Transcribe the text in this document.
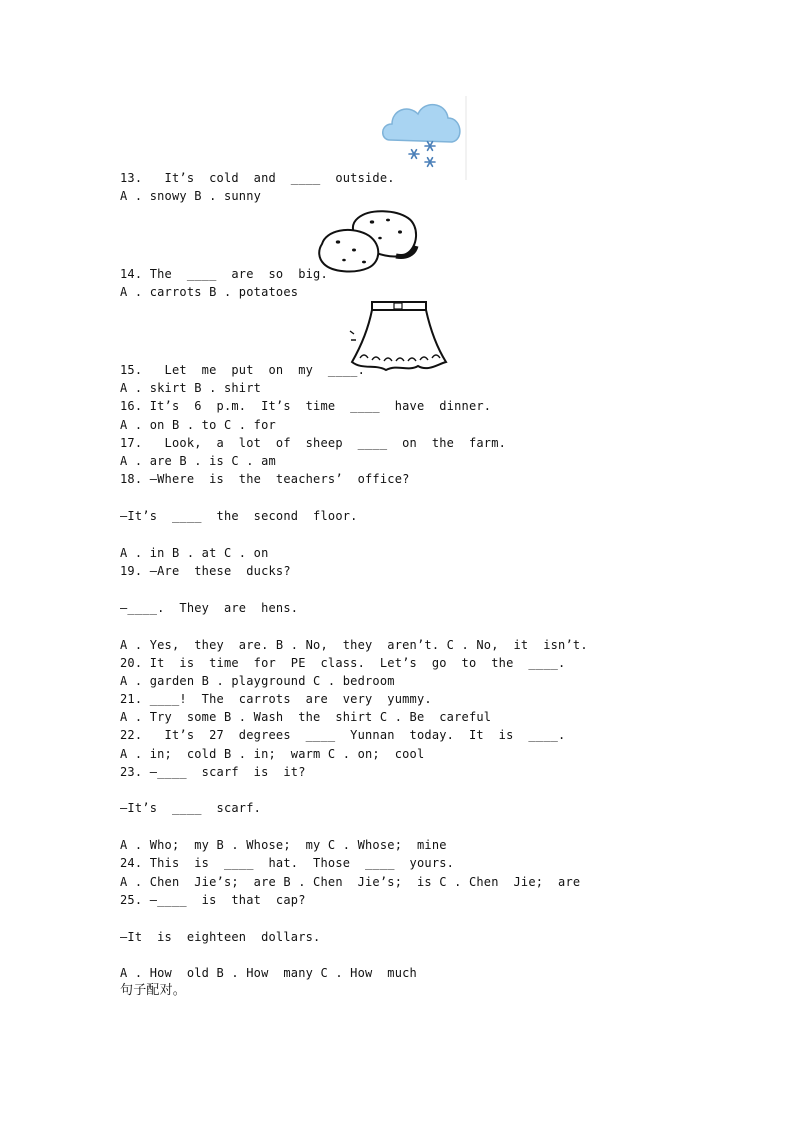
13.   It’s  cold  and  ____  outside.
A . snowy B . sunny
14. The  ____  are  so  big.
A . carrots B . potatoes
15.   Let  me  put  on  my  ____.
A . skirt B . shirt
16. It’s  6  p.m.  It’s  time  ____  have  dinner.
A . on B . to C . for
17.   Look,  a  lot  of  sheep  ____  on  the  farm.
A . are B . is C . am
18. —Where  is  the  teachers’  office?
—It’s  ____  the  second  floor.
A . in B . at C . on
19. —Are  these  ducks?
—____.  They  are  hens.
A . Yes,  they  are. B . No,  they  aren’t. C . No,  it  isn’t.
20. It  is  time  for  PE  class.  Let’s  go  to  the  ____.
A . garden B . playground C . bedroom
21. ____!  The  carrots  are  very  yummy.
A . Try  some B . Wash  the  shirt C . Be  careful
22.   It’s  27  degrees  ____  Yunnan  today.  It  is  ____.
A . in;  cold B . in;  warm C . on;  cool
23. —____  scarf  is  it?
—It’s  ____  scarf.
A . Who;  my B . Whose;  my C . Whose;  mine
24. This  is  ____  hat.  Those  ____  yours.
A . Chen  Jie’s;  are B . Chen  Jie’s;  is C . Chen  Jie;  are
25. —____  is  that  cap?
—It  is  eighteen  dollars.
A . How  old B . How  many C . How  much
句子配对。
